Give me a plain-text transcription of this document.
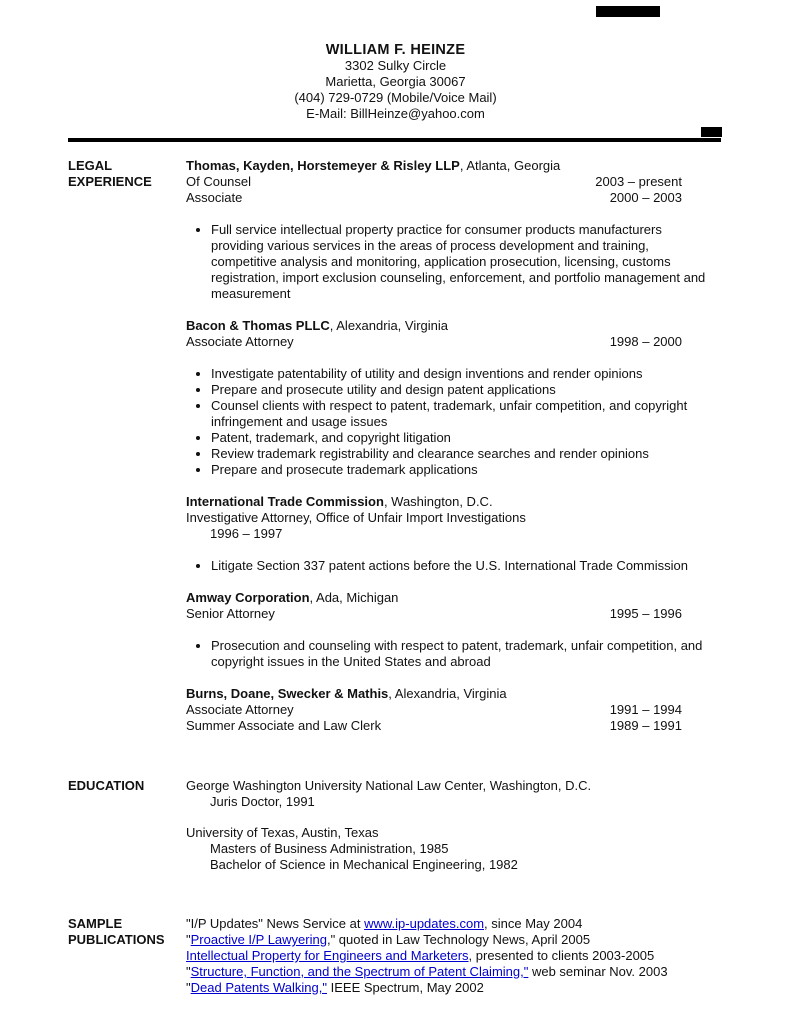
WILLIAM F. HEINZE
3302 Sulky Circle
Marietta, Georgia 30067
(404) 729-0729 (Mobile/Voice Mail)
E-Mail: BillHeinze@yahoo.com
LEGAL
EXPERIENCE
Thomas, Kayden, Horstemeyer & Risley LLP, Atlanta, Georgia
Of Counsel	2003 – present
Associate	2000 – 2003
• Full service intellectual property practice for consumer products manufacturers providing various services in the areas of process development and training, competitive analysis and monitoring, application prosecution, licensing, customs registration, import exclusion counseling, enforcement, and portfolio management and measurement
Bacon & Thomas PLLC, Alexandria, Virginia
Associate Attorney	1998 – 2000
• Investigate patentability of utility and design inventions and render opinions
• Prepare and prosecute utility and design patent applications
• Counsel clients with respect to patent, trademark, unfair competition, and copyright infringement and usage issues
• Patent, trademark, and copyright litigation
• Review trademark registrability and clearance searches and render opinions
• Prepare and prosecute trademark applications
International Trade Commission, Washington, D.C.
Investigative Attorney, Office of Unfair Import Investigations
1996 – 1997
• Litigate Section 337 patent actions before the U.S. International Trade Commission
Amway Corporation, Ada, Michigan
Senior Attorney	1995 – 1996
• Prosecution and counseling with respect to patent, trademark, unfair competition, and copyright issues in the United States and abroad
Burns, Doane, Swecker & Mathis, Alexandria, Virginia
Associate Attorney	1991 – 1994
Summer Associate and Law Clerk	1989 – 1991
EDUCATION	George Washington University National Law Center, Washington, D.C.
Juris Doctor, 1991
University of Texas, Austin, Texas
Masters of Business Administration, 1985
Bachelor of Science in Mechanical Engineering, 1982
SAMPLE
PUBLICATIONS
"I/P Updates" News Service at www.ip-updates.com, since May 2004
"Proactive I/P Lawyering," quoted in Law Technology News, April 2005
Intellectual Property for Engineers and Marketers, presented to clients 2003-2005
"Structure, Function, and the Spectrum of Patent Claiming," web seminar Nov. 2003
"Dead Patents Walking," IEEE Spectrum, May 2002
